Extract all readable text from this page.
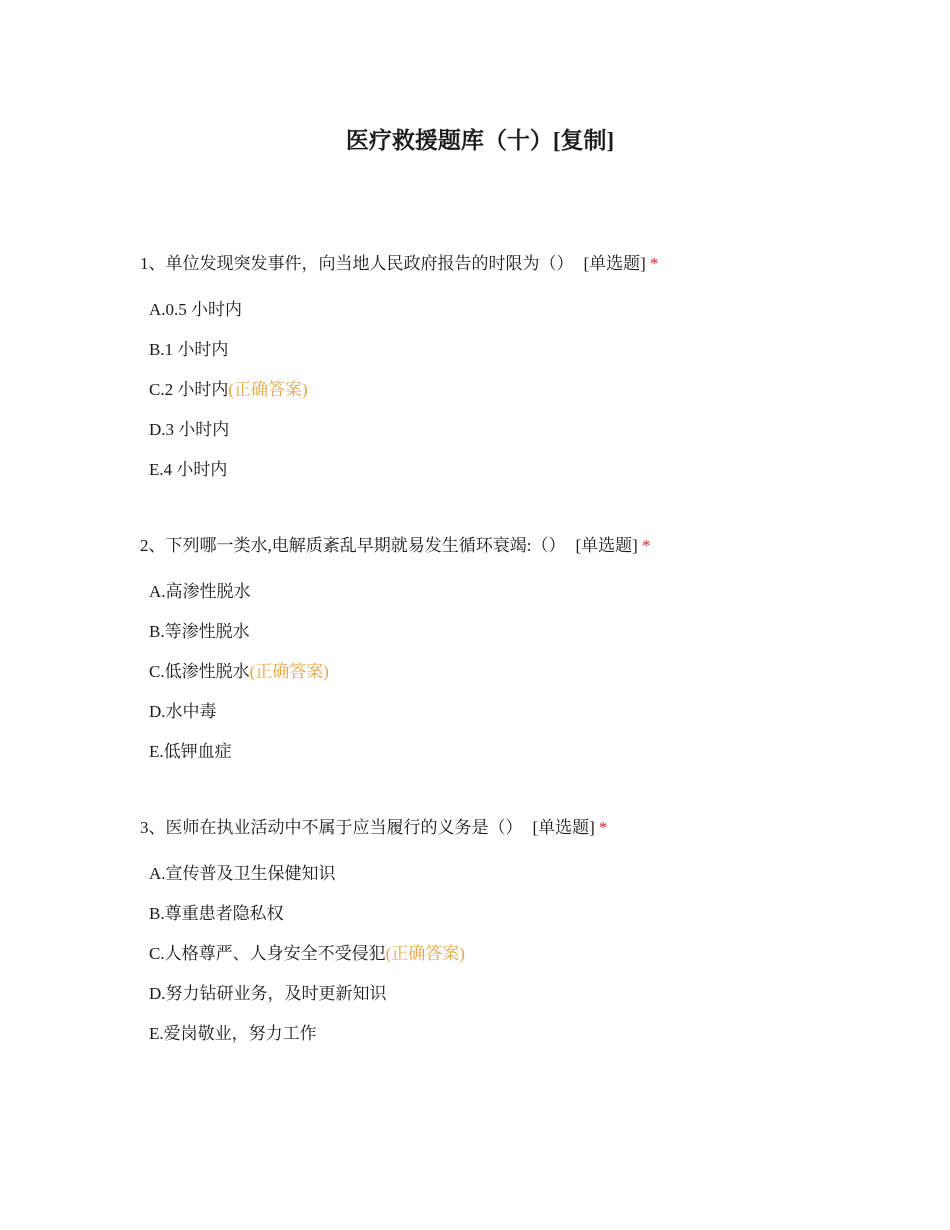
医疗救援题库（十）[复制]

1、单位发现突发事件，向当地人民政府报告的时限为（） [单选题] *

A.0.5 小时内
B.1 小时内
C.2 小时内(正确答案)
D.3 小时内
E.4 小时内

2、下列哪一类水,电解质紊乱早期就易发生循环衰竭:（） [单选题] *

A.高渗性脱水
B.等渗性脱水
C.低渗性脱水(正确答案)
D.水中毒
E.低钾血症

3、医师在执业活动中不属于应当履行的义务是（） [单选题] *

A.宣传普及卫生保健知识
B.尊重患者隐私权
C.人格尊严、人身安全不受侵犯(正确答案)
D.努力钻研业务，及时更新知识
E.爱岗敬业，努力工作
